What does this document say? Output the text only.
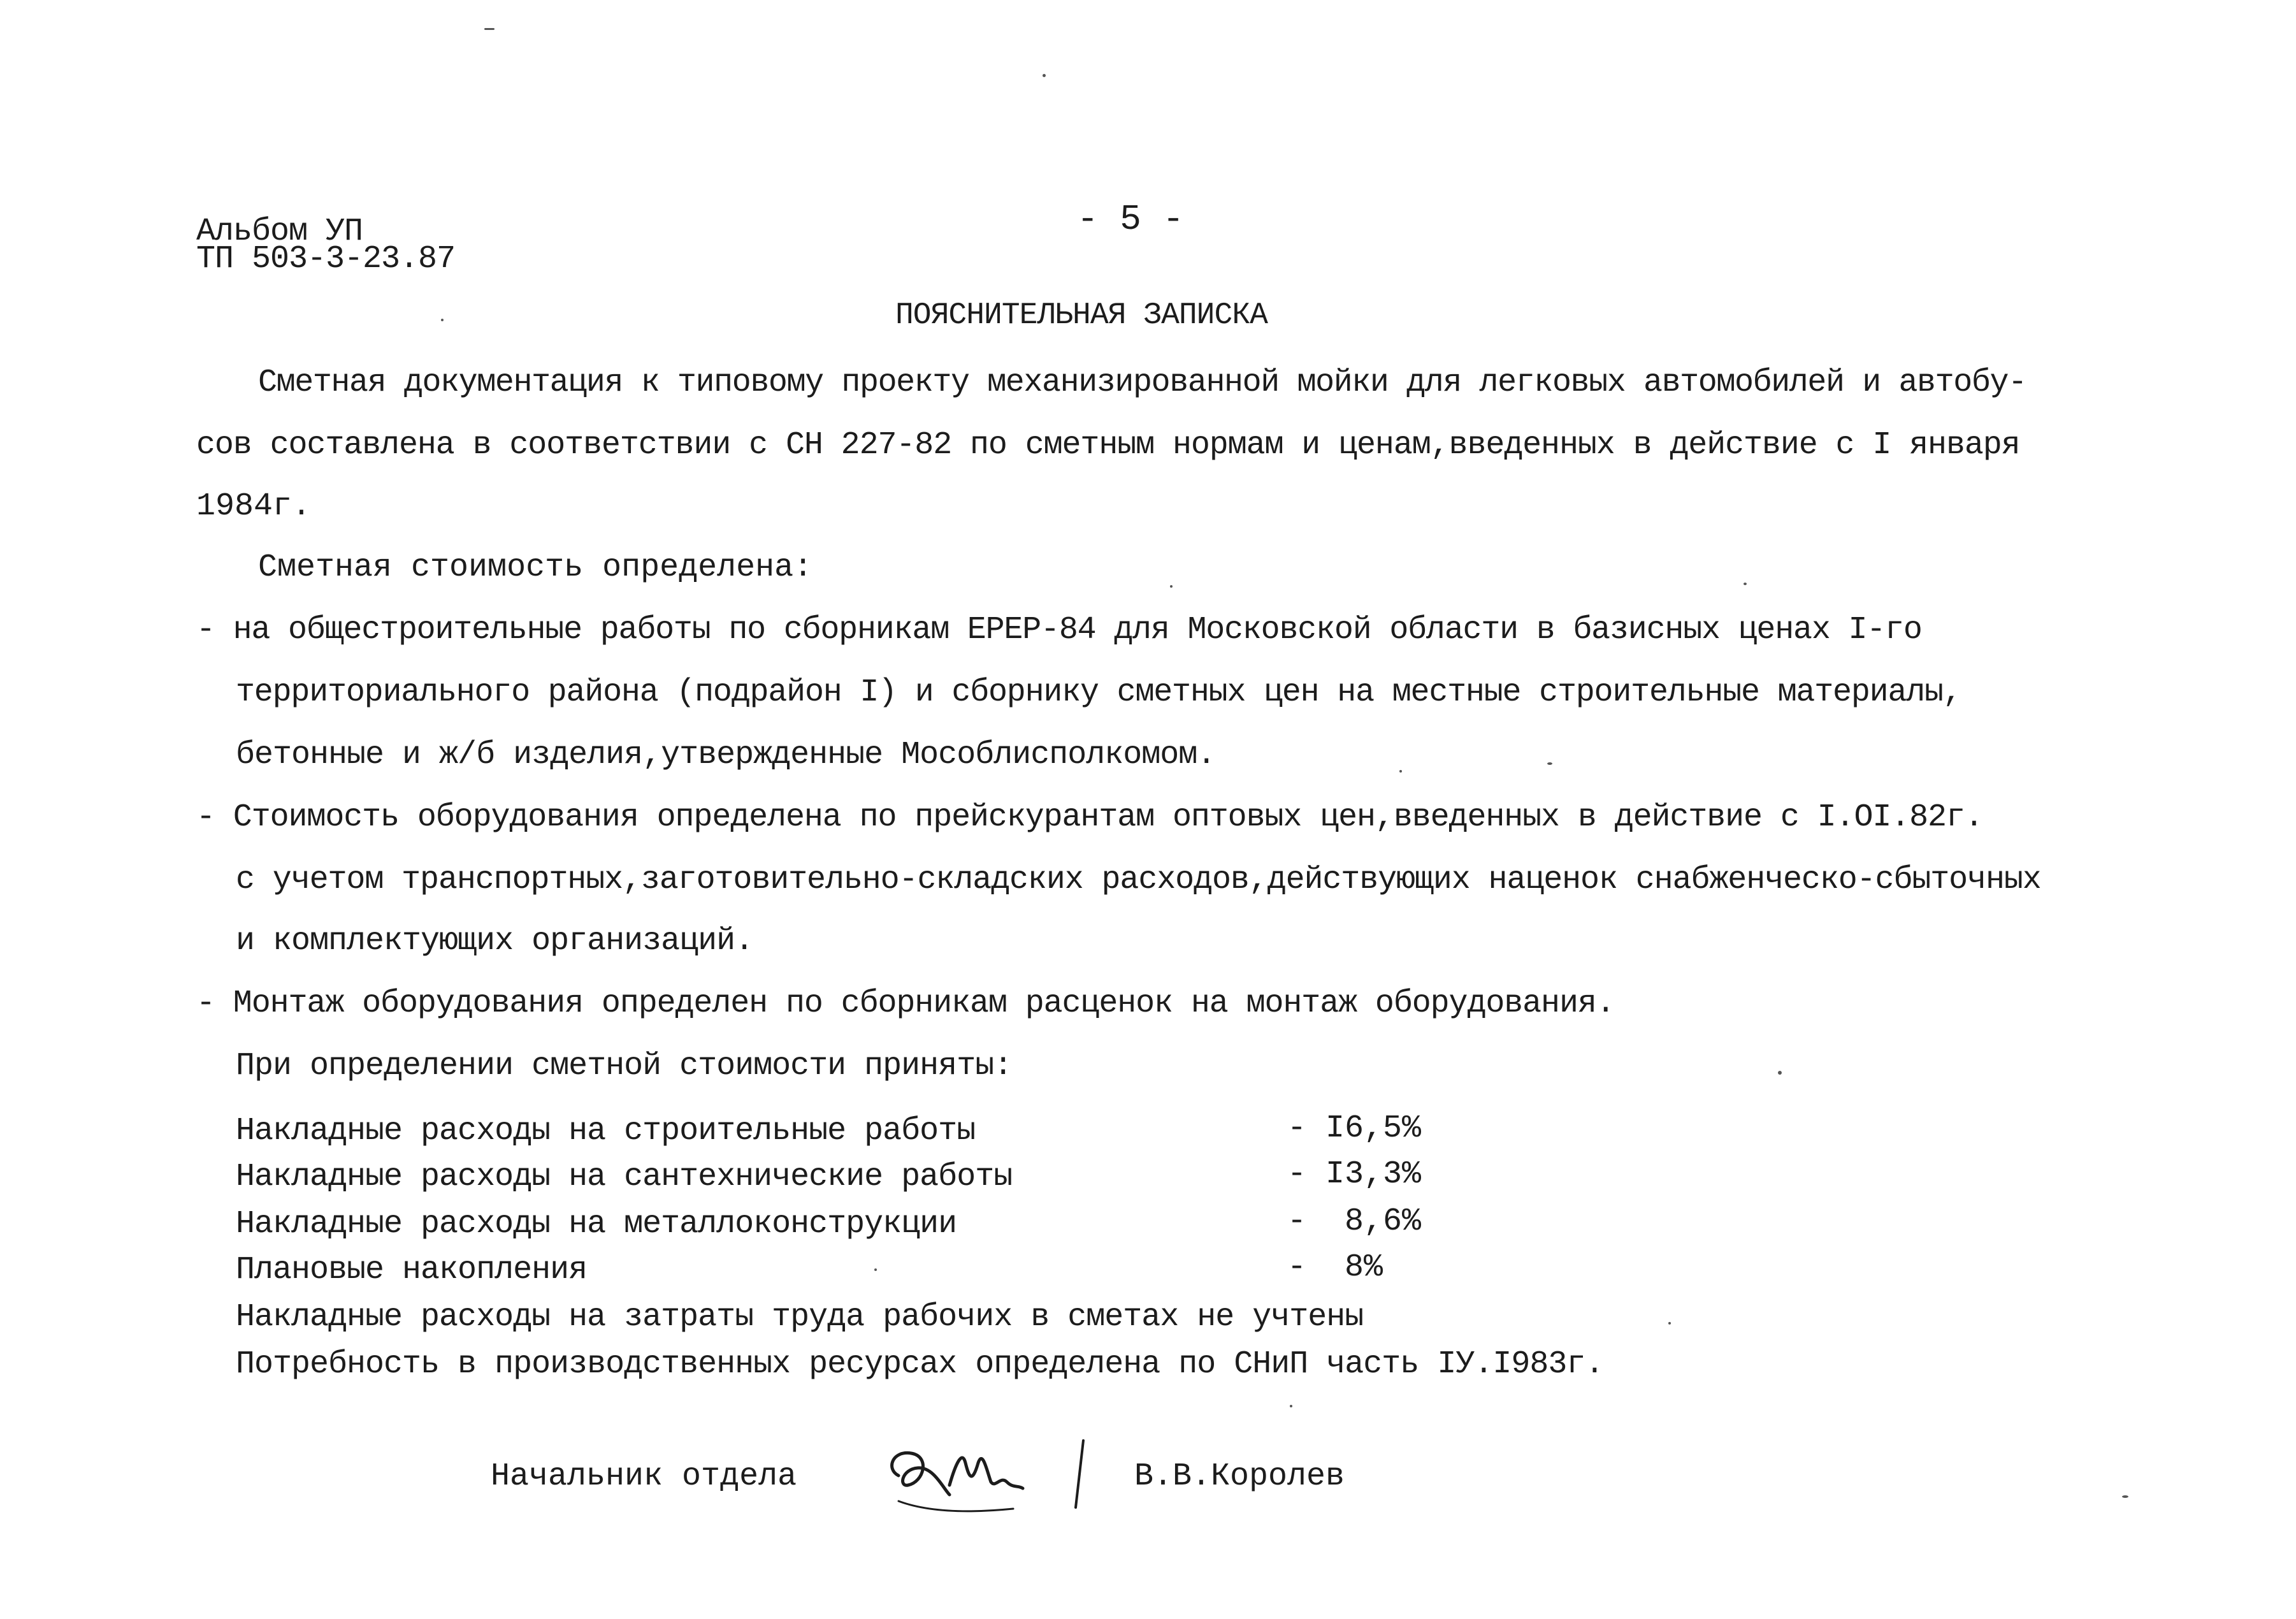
Альбом УП
ТП 503-3-23.87
- 5 -
ПОЯСНИТЕЛЬНАЯ ЗАПИСКА
Сметная документация к типовому проекту механизированной мойки для легковых автомобилей и автобу-
сов составлена в соответствии с СН 227-82 по сметным нормам и ценам,введенных в действие с I января
1984г.
Сметная стоимость определена:
- на общестроительные работы по сборникам ЕРЕР-84 для Московской области в базисных ценах I-го
территориального района (подрайон I) и сборнику сметных цен на местные строительные материалы,
бетонные и ж/б изделия,утвержденные Мособлисполкомом.
- Стоимость оборудования определена по прейскурантам оптовых цен,введенных в действие с I.OI.82г.
с учетом транспортных,заготовительно-складских расходов,действующих наценок снабженческо-сбыточных
и комплектующих организаций.
- Монтаж оборудования определен по сборникам расценок на монтаж оборудования.
При определении сметной стоимости приняты:
Накладные расходы на строительные работы	- I6,5%
Накладные расходы на сантехнические работы	- I3,3%
Накладные расходы на металлоконструкции	-  8,6%
Плановые накопления	-  8%
Накладные расходы на затраты труда рабочих в сметах не учтены
Потребность в производственных ресурсах определена по СНиП часть IУ.I983г.
Начальник отдела	В.В.Королев
